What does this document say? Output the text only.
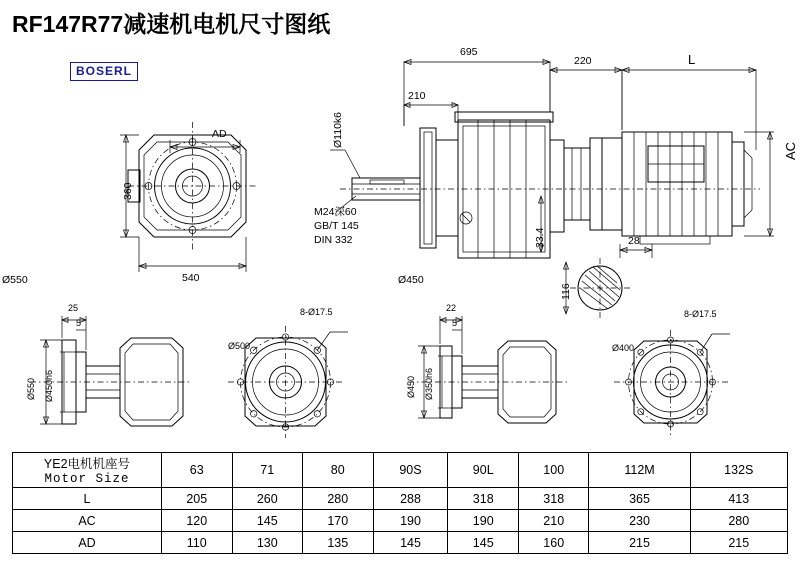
RF147R77减速机电机尺寸图纸
BOSERL
AD
360
540
Ø550	Ø450
695
220	L
210
Ø110k6
AC
33.4	28
116
M24深60
GB/T 145
DIN 332
25
5
Ø550 Ø450h6
8-Ø17.5
Ø500
22
5
Ø450 Ø350h6
8-Ø17.5
Ø400
YE2电机机座号
Motor Size	63	71	80	90S	90L	100	112M	132S
L	205	260	280	288	318	318	365	413
AC	120	145	170	190	190	210	230	280
AD	110	130	135	145	145	160	215	215
